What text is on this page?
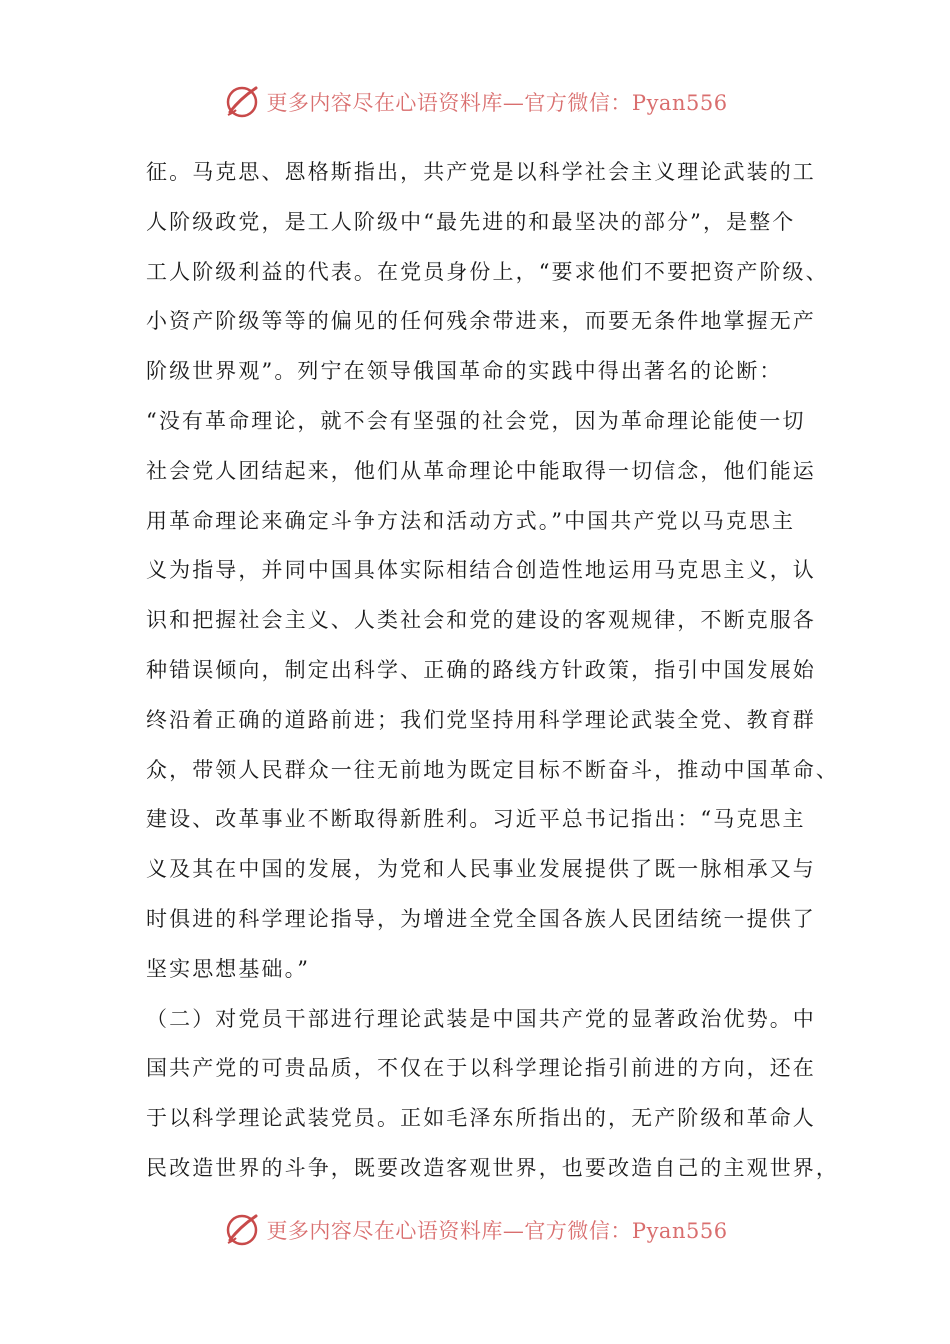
更多内容尽在心语资料库—官方微信：Pyan556
征。马克思、恩格斯指出，共产党是以科学社会主义理论武装的工
人阶级政党，是工人阶级中“最先进的和最坚决的部分”，是整个
工人阶级利益的代表。在党员身份上，“要求他们不要把资产阶级、
小资产阶级等等的偏见的任何残余带进来，而要无条件地掌握无产
阶级世界观”。列宁在领导俄国革命的实践中得出著名的论断：
“没有革命理论，就不会有坚强的社会党，因为革命理论能使一切
社会党人团结起来，他们从革命理论中能取得一切信念，他们能运
用革命理论来确定斗争方法和活动方式。”中国共产党以马克思主
义为指导，并同中国具体实际相结合创造性地运用马克思主义，认
识和把握社会主义、人类社会和党的建设的客观规律，不断克服各
种错误倾向，制定出科学、正确的路线方针政策，指引中国发展始
终沿着正确的道路前进；我们党坚持用科学理论武装全党、教育群
众，带领人民群众一往无前地为既定目标不断奋斗，推动中国革命、
建设、改革事业不断取得新胜利。习近平总书记指出：“马克思主
义及其在中国的发展，为党和人民事业发展提供了既一脉相承又与
时俱进的科学理论指导，为增进全党全国各族人民团结统一提供了
坚实思想基础。”
（二）对党员干部进行理论武装是中国共产党的显著政治优势。中
国共产党的可贵品质，不仅在于以科学理论指引前进的方向，还在
于以科学理论武装党员。正如毛泽东所指出的，无产阶级和革命人
民改造世界的斗争，既要改造客观世界，也要改造自己的主观世界，
更多内容尽在心语资料库—官方微信：Pyan556
